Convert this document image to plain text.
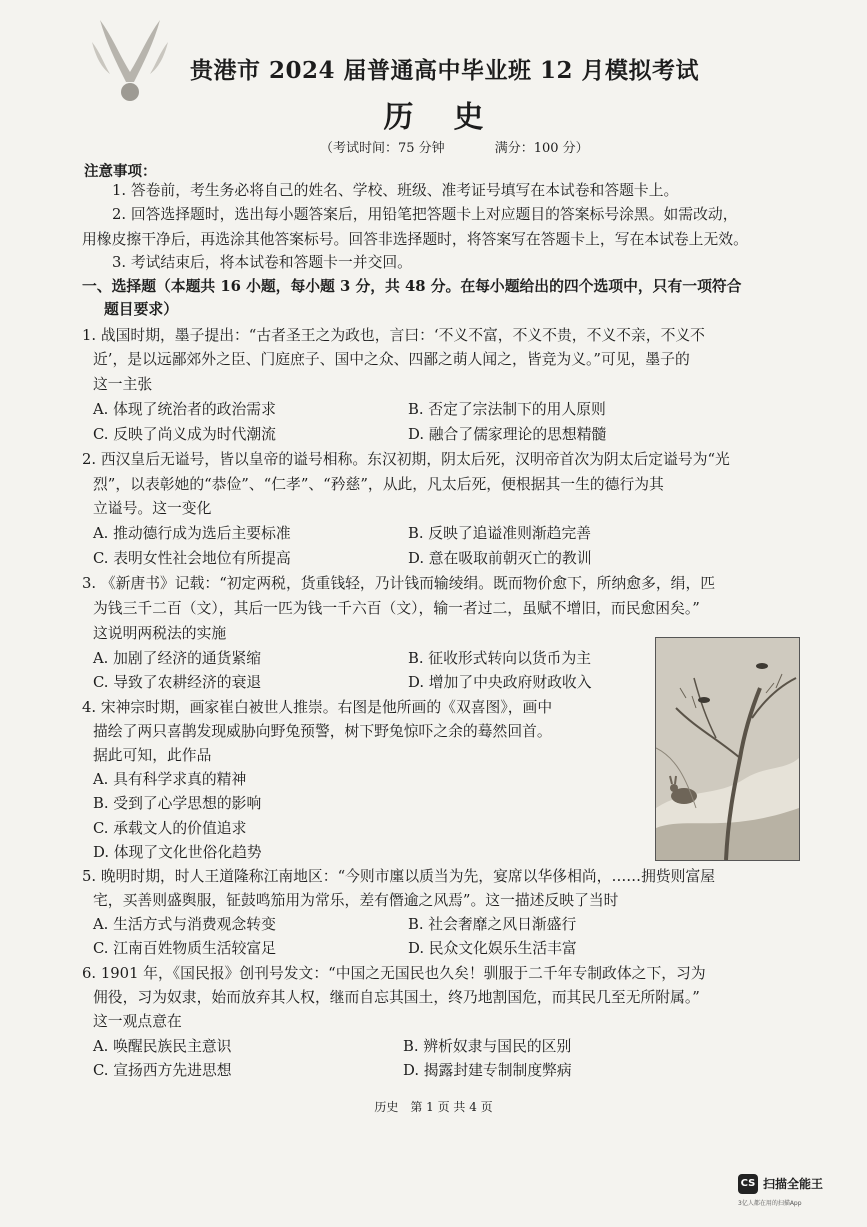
贵港市 2024 届普通高中毕业班 12 月模拟考试
历史
（考试时间：75 分钟	满分：100 分）
注意事项：
1. 答卷前，考生务必将自己的姓名、学校、班级、准考证号填写在本试卷和答题卡上。
2. 回答选择题时，选出每小题答案后，用铅笔把答题卡上对应题目的答案标号涂黑。如需改动，
用橡皮擦干净后，再选涂其他答案标号。回答非选择题时，将答案写在答题卡上，写在本试卷上无效。
3. 考试结束后，将本试卷和答题卡一并交回。
一、选择题（本题共 16 小题，每小题 3 分，共 48 分。在每小题给出的四个选项中，只有一项符合
题目要求）
1. 战国时期，墨子提出：“古者圣王之为政也，言曰：‘不义不富，不义不贵，不义不亲，不义不
近’，是以远鄙郊外之臣、门庭庶子、国中之众、四鄙之萌人闻之，皆竞为义。”可见，墨子的
这一主张
A. 体现了统治者的政治需求	B. 否定了宗法制下的用人原则
C. 反映了尚义成为时代潮流	D. 融合了儒家理论的思想精髓
2. 西汉皇后无谥号，皆以皇帝的谥号相称。东汉初期，阴太后死，汉明帝首次为阴太后定谥号为“光
烈”，以表彰她的“恭俭”、“仁孝”、“矜慈”，从此，凡太后死，便根据其一生的德行为其
立谥号。这一变化
A. 推动德行成为选后主要标准	B. 反映了追谥准则渐趋完善
C. 表明女性社会地位有所提高	D. 意在吸取前朝灭亡的教训
3. 《新唐书》记载：“初定两税，货重钱轻，乃计钱而输绫绢。既而物价愈下，所纳愈多，绢，匹
为钱三千二百（文），其后一匹为钱一千六百（文），输一者过二，虽赋不增旧，而民愈困矣。”
这说明两税法的实施
A. 加剧了经济的通货紧缩	B. 征收形式转向以货币为主
C. 导致了农耕经济的衰退	D. 增加了中央政府财政收入
4. 宋神宗时期，画家崔白被世人推崇。右图是他所画的《双喜图》，画中
描绘了两只喜鹊发现威胁向野兔预警，树下野兔惊吓之余的蓦然回首。
据此可知，此作品
A. 具有科学求真的精神
B. 受到了心学思想的影响
C. 承载文人的价值追求
D. 体现了文化世俗化趋势
5. 晚明时期，时人王道隆称江南地区：“今则市廛以质当为先，宴席以华侈相尚，……拥赀则富屋
宅，买善则盛舆服，钲鼓鸣笳用为常乐，差有僭逾之风焉”。这一描述反映了当时
A. 生活方式与消费观念转变	B. 社会奢靡之风日渐盛行
C. 江南百姓物质生活较富足	D. 民众文化娱乐生活丰富
6. 1901 年，《国民报》创刊号发文：“中国之无国民也久矣！驯服于二千年专制政体之下，习为
佣役，习为奴隶，始而放弃其人权，继而自忘其国土，终乃地割国危，而其民几至无所附属。”
这一观点意在
A. 唤醒民族民主意识	B. 辨析奴隶与国民的区别
C. 宣扬西方先进思想	D. 揭露封建专制制度弊病
历史　第 1 页 共 4 页
CS 扫描全能王
3亿人都在用的扫描App
